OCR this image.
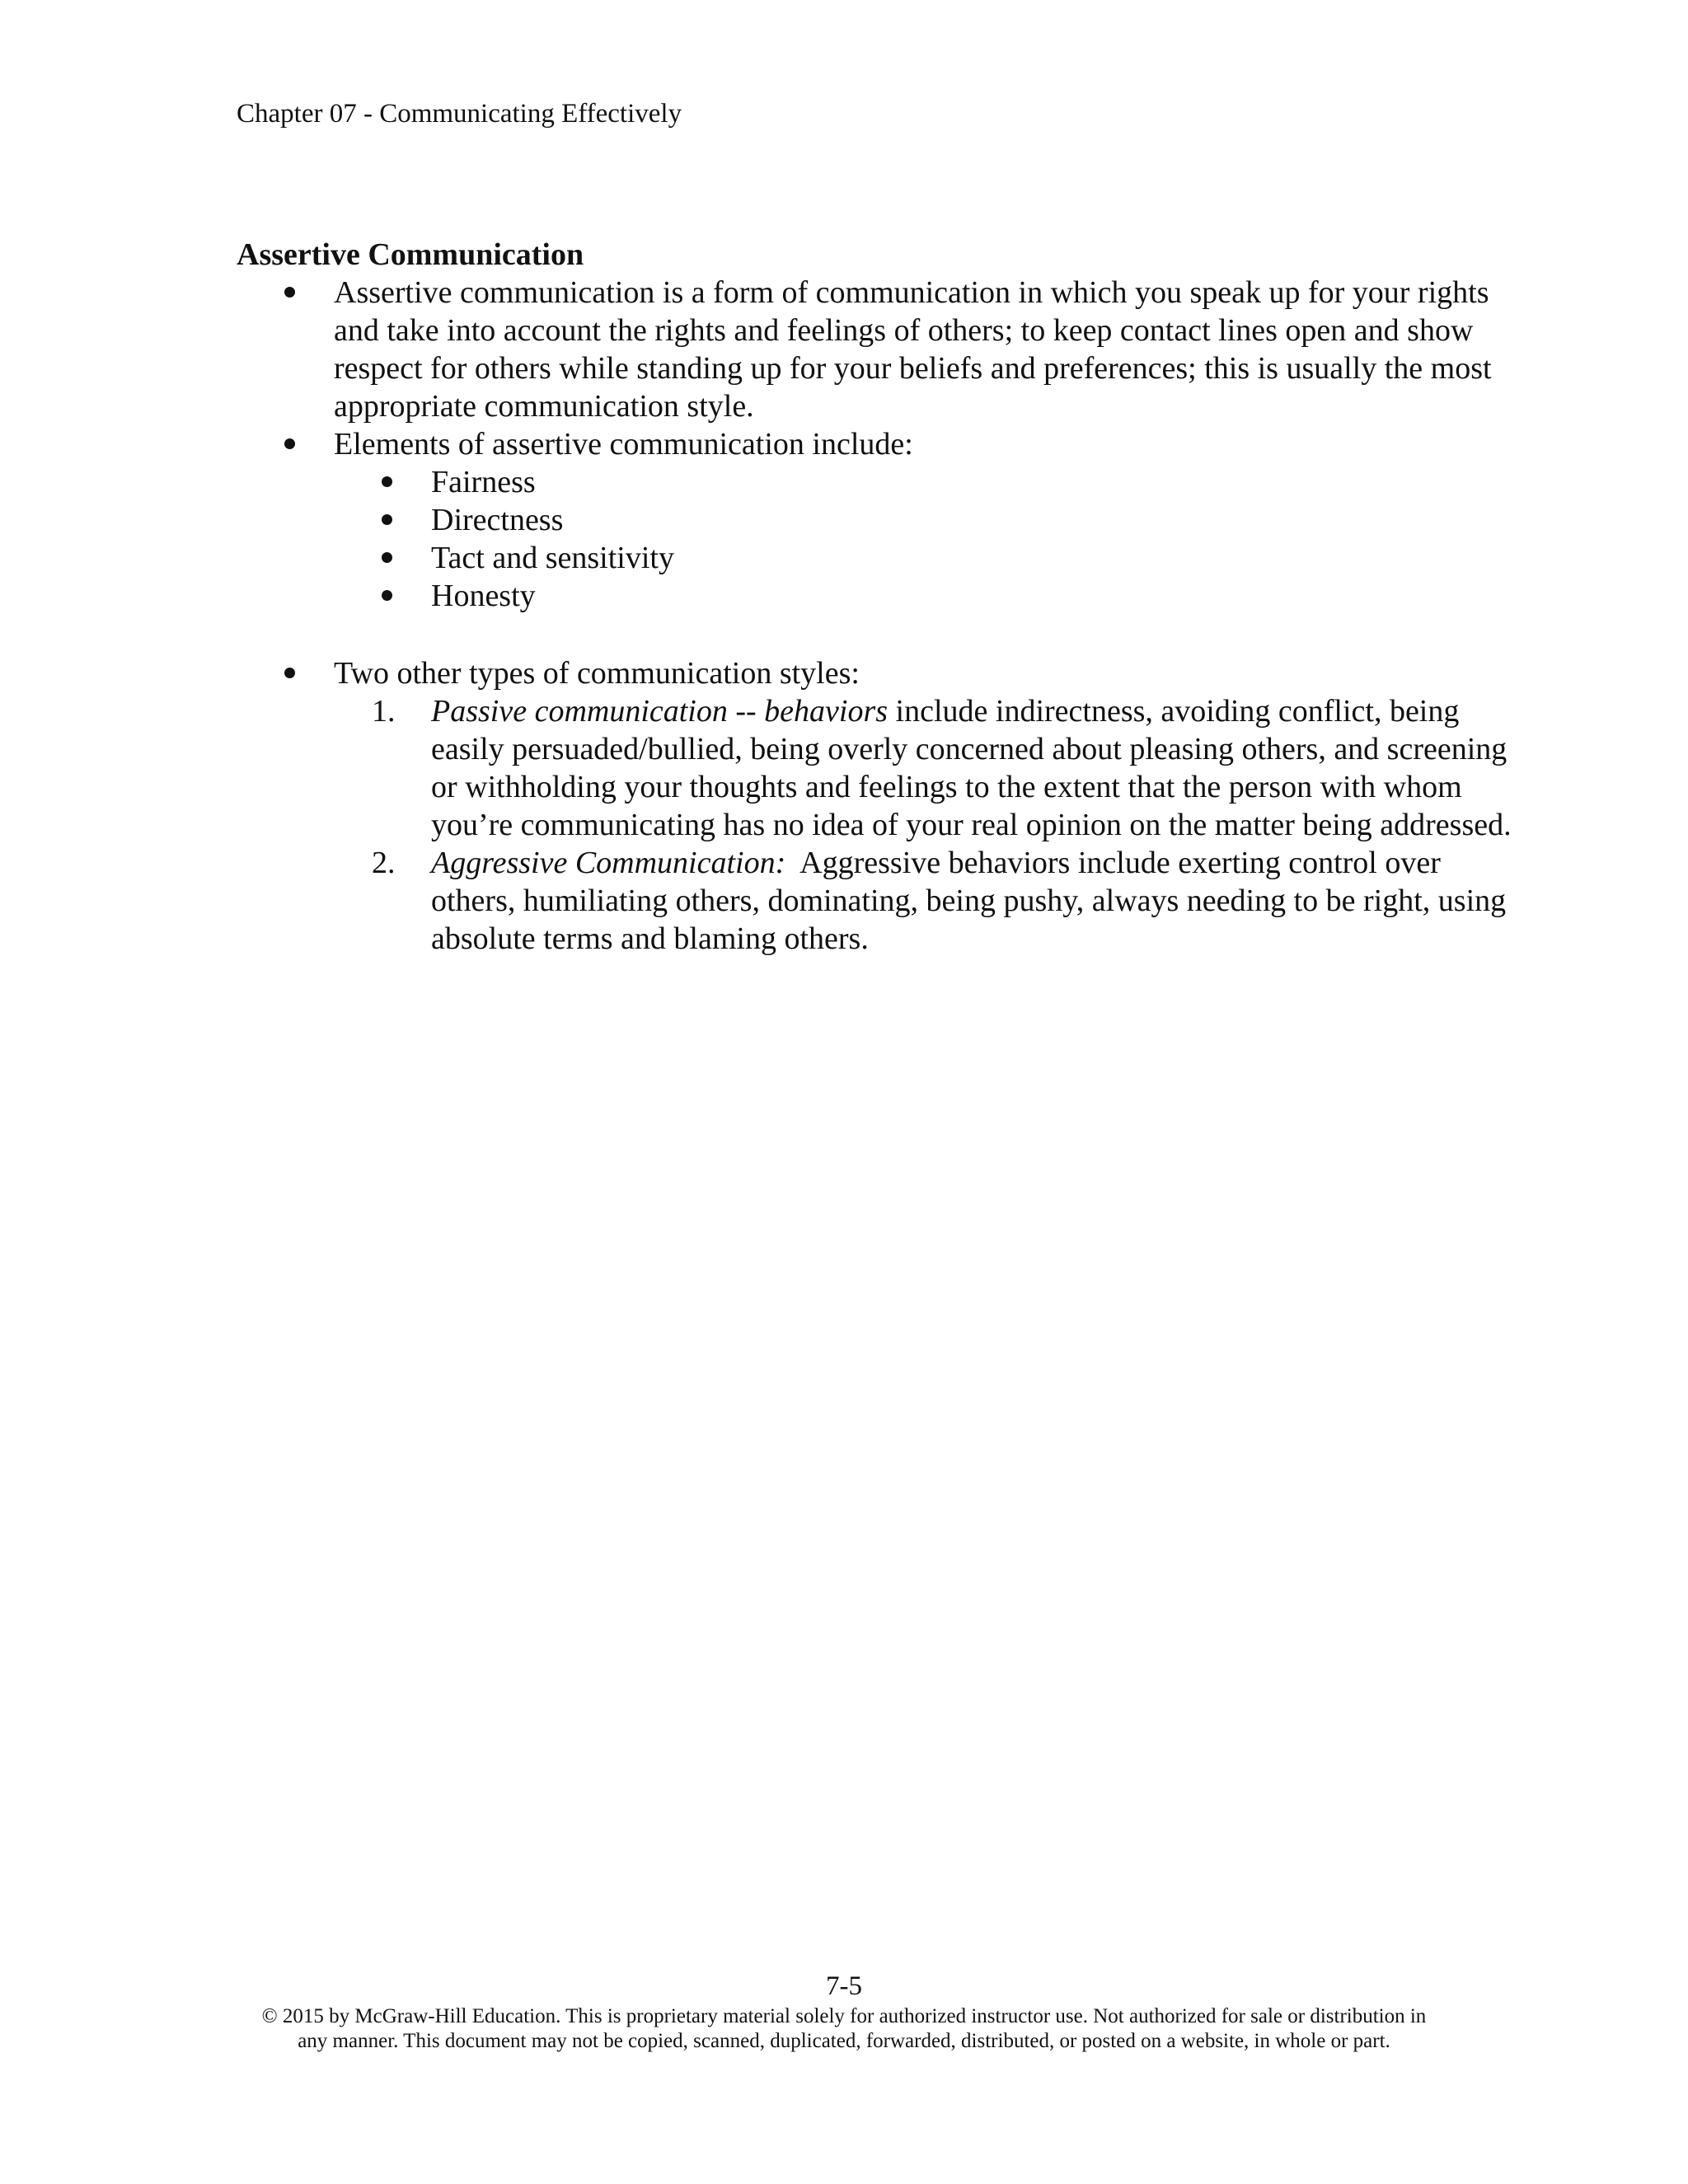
Chapter 07 - Communicating Effectively
Assertive Communication
Assertive communication is a form of communication in which you speak up for your rights and take into account the rights and feelings of others; to keep contact lines open and show respect for others while standing up for your beliefs and preferences; this is usually the most appropriate communication style.
Elements of assertive communication include:
Fairness
Directness
Tact and sensitivity
Honesty
Two other types of communication styles:
1.	Passive communication -- behaviors include indirectness, avoiding conflict, being easily persuaded/bullied, being overly concerned about pleasing others, and screening or withholding your thoughts and feelings to the extent that the person with whom you’re communicating has no idea of your real opinion on the matter being addressed.
2.	Aggressive Communication:  Aggressive behaviors include exerting control over others, humiliating others, dominating, being pushy, always needing to be right, using absolute terms and blaming others.
7-5
© 2015 by McGraw-Hill Education. This is proprietary material solely for authorized instructor use. Not authorized for sale or distribution in
any manner. This document may not be copied, scanned, duplicated, forwarded, distributed, or posted on a website, in whole or part.
